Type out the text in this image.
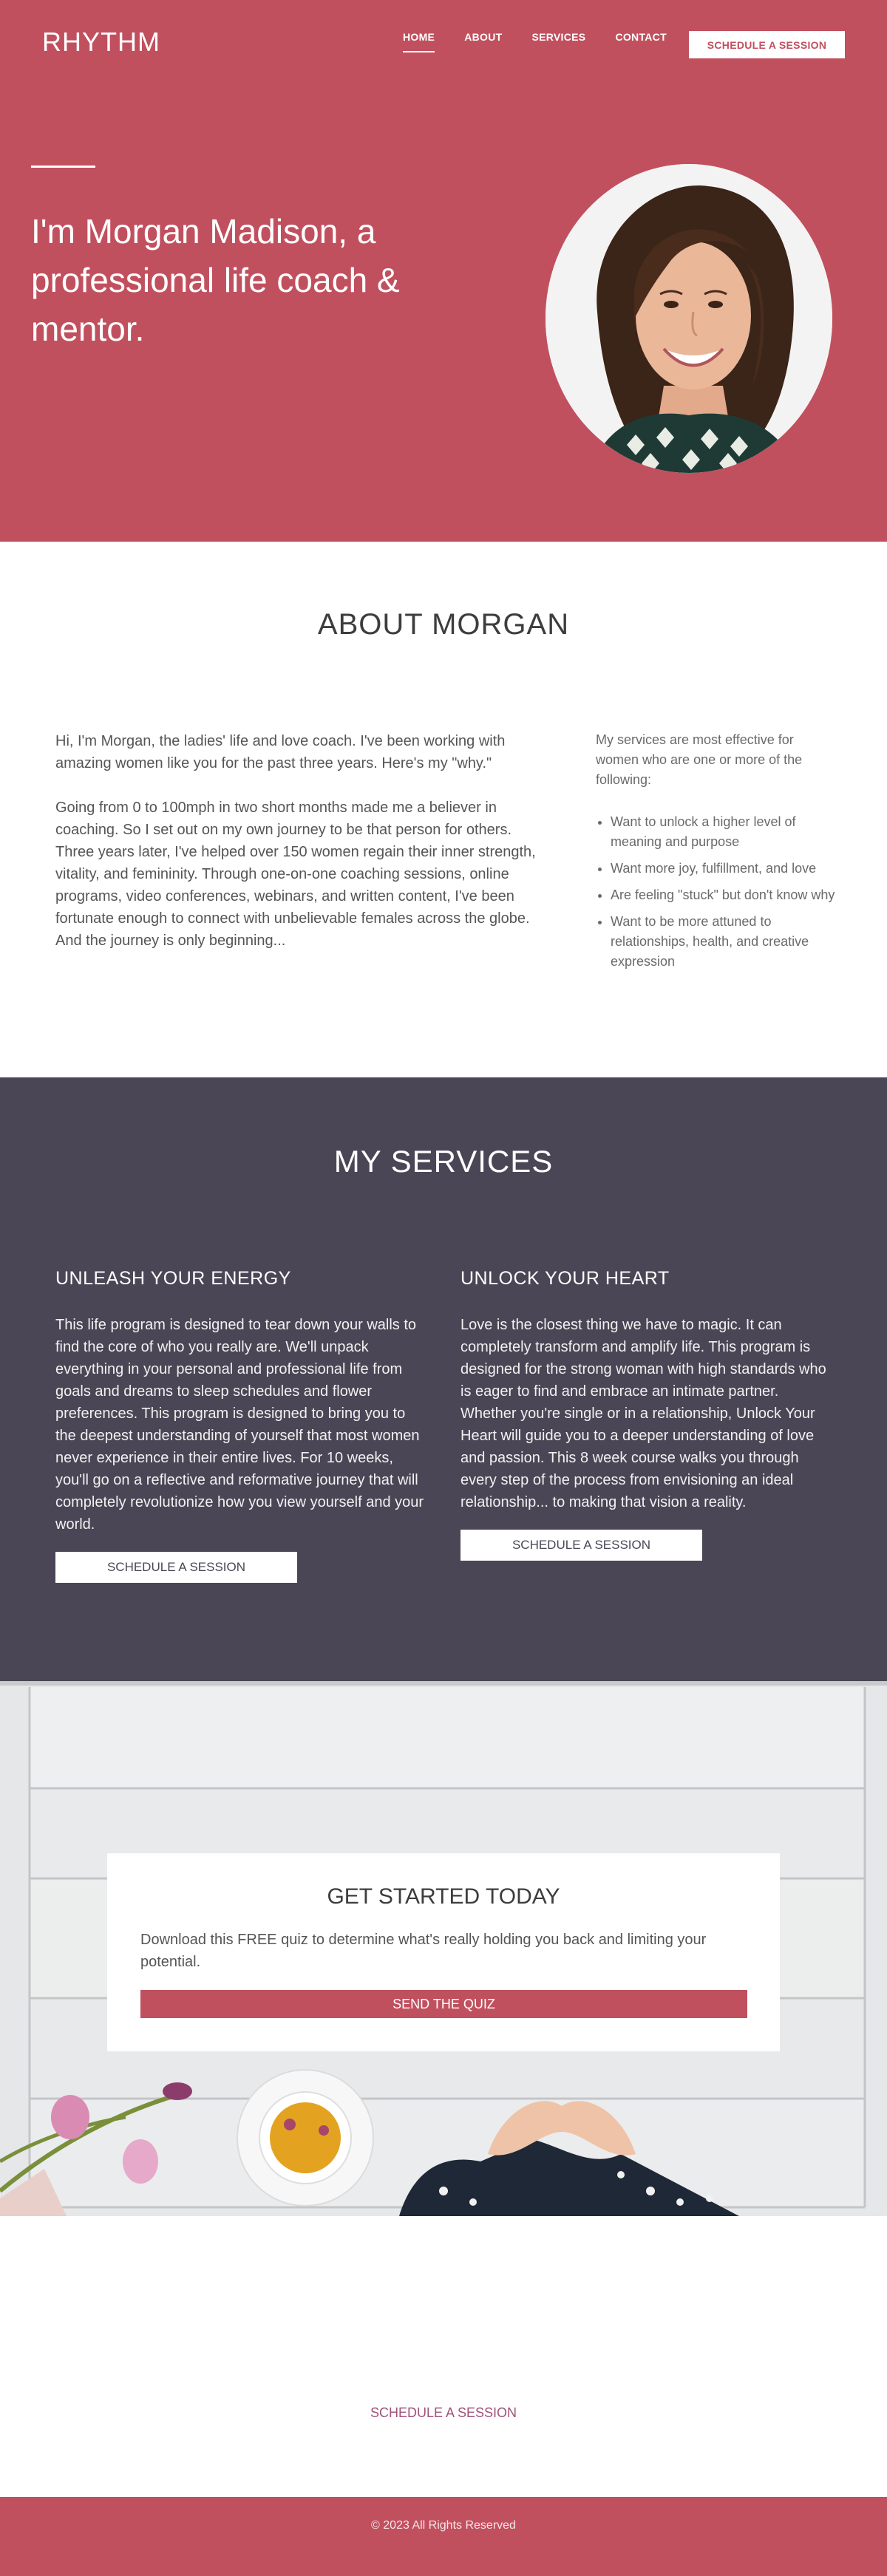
RHYTHM	HOME	ABOUT	SERVICES	CONTACT
SCHEDULE A SESSION
I'm Morgan Madison, a professional life coach & mentor.
ABOUT MORGAN

Hi, I'm Morgan, the ladies' life and love coach. I've been working with amazing women like you for the past three years. Here's my "why."

Going from 0 to 100mph in two short months made me a believer in coaching. So I set out on my own journey to be that person for others. Three years later, I've helped over 150 women regain their inner strength, vitality, and femininity. Through one-on-one coaching sessions, online programs, video conferences, webinars, and written content, I've been fortunate enough to connect with unbelievable females across the globe.
And the journey is only beginning...

My services are most effective for women who are one or more of the following:

• Want to unlock a higher level of meaning and purpose
• Want more joy, fulfillment, and love
• Are feeling "stuck" but don't know why
• Want to be more attuned to relationships, health, and creative expression
MY SERVICES
UNLEASH YOUR ENERGY

This life program is designed to tear down your walls to find the core of who you really are. We'll unpack everything in your personal and professional life from goals and dreams to sleep schedules and flower preferences. This program is designed to bring you to the deepest understanding of yourself that most women never experience in their entire lives. For 10 weeks, you'll go on a reflective and reformative journey that will completely revolutionize how you view yourself and your world.

SCHEDULE A SESSION
UNLOCK YOUR HEART

Love is the closest thing we have to magic. It can completely transform and amplify life. This program is designed for the strong woman with high standards who is eager to find and embrace an intimate partner. Whether you're single or in a relationship, Unlock Your Heart will guide you to a deeper understanding of love and passion. This 8 week course walks you through every step of the process from envisioning an ideal relationship... to making that vision a reality.

SCHEDULE A SESSION
GET STARTED TODAY

Download this FREE quiz to determine what's really holding you back and limiting your potential.

SEND THE QUIZ
SCHEDULE A SESSION
© 2023 All Rights Reserved
